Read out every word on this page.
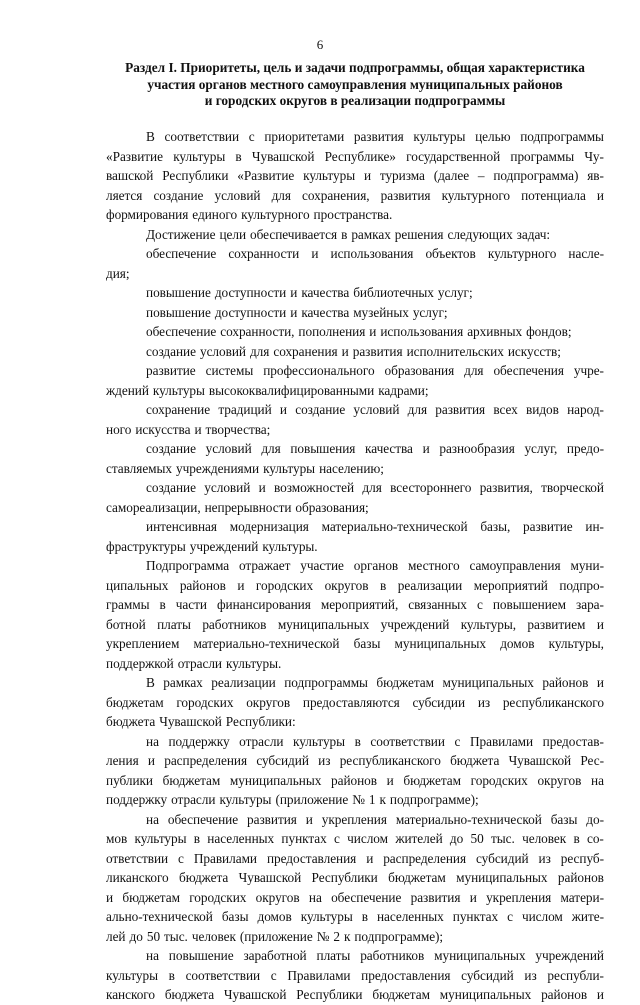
6
Раздел I. Приоритеты, цель и задачи подпрограммы, общая характеристика
участия органов местного самоуправления муниципальных районов
и городских округов в реализации подпрограммы
В соответствии с приоритетами развития культуры целью подпрограммы
«Развитие культуры в Чувашской Республике» государственной программы Чу-
вашской Республики «Развитие культуры и туризма (далее – подпрограмма) яв-
ляется создание условий для сохранения, развития культурного потенциала и
формирования единого культурного пространства.
Достижение цели обеспечивается в рамках решения следующих задач:
обеспечение сохранности и использования объектов культурного насле-
дия;
повышение доступности и качества библиотечных услуг;
повышение доступности и качества музейных услуг;
обеспечение сохранности, пополнения и использования архивных фондов;
создание условий для сохранения и развития исполнительских искусств;
развитие системы профессионального образования для обеспечения учре-
ждений культуры высококвалифицированными кадрами;
сохранение традиций и создание условий для развития всех видов народ-
ного искусства и творчества;
создание условий для повышения качества и разнообразия услуг, предо-
ставляемых учреждениями культуры населению;
создание условий и возможностей для всестороннего развития, творческой
самореализации, непрерывности образования;
интенсивная модернизация материально-технической базы, развитие ин-
фраструктуры учреждений культуры.
Подпрограмма отражает участие органов местного самоуправления муни-
ципальных районов и городских округов в реализации мероприятий подпро-
граммы в части финансирования мероприятий, связанных с повышением зара-
ботной платы работников муниципальных учреждений культуры, развитием и
укреплением материально-технической базы муниципальных домов культуры,
поддержкой отрасли культуры.
В рамках реализации подпрограммы бюджетам муниципальных районов и
бюджетам городских округов предоставляются субсидии из республиканского
бюджета Чувашской Республики:
на поддержку отрасли культуры в соответствии с Правилами предостав-
ления и распределения субсидий из республиканского бюджета Чувашской Рес-
публики бюджетам муниципальных районов и бюджетам городских округов на
поддержку отрасли культуры (приложение № 1 к подпрограмме);
на обеспечение развития и укрепления материально-технической базы до-
мов культуры в населенных пунктах с числом жителей до 50 тыс. человек в со-
ответствии с Правилами предоставления и распределения субсидий из респуб-
ликанского бюджета Чувашской Республики бюджетам муниципальных районов
и бюджетам городских округов на обеспечение развития и укрепления матери-
ально-технической базы домов культуры в населенных пунктах с числом жите-
лей до 50 тыс. человек (приложение № 2 к подпрограмме);
на повышение заработной платы работников муниципальных учреждений
культуры в соответствии с Правилами предоставления субсидий из республи-
канского бюджета Чувашской Республики бюджетам муниципальных районов и
